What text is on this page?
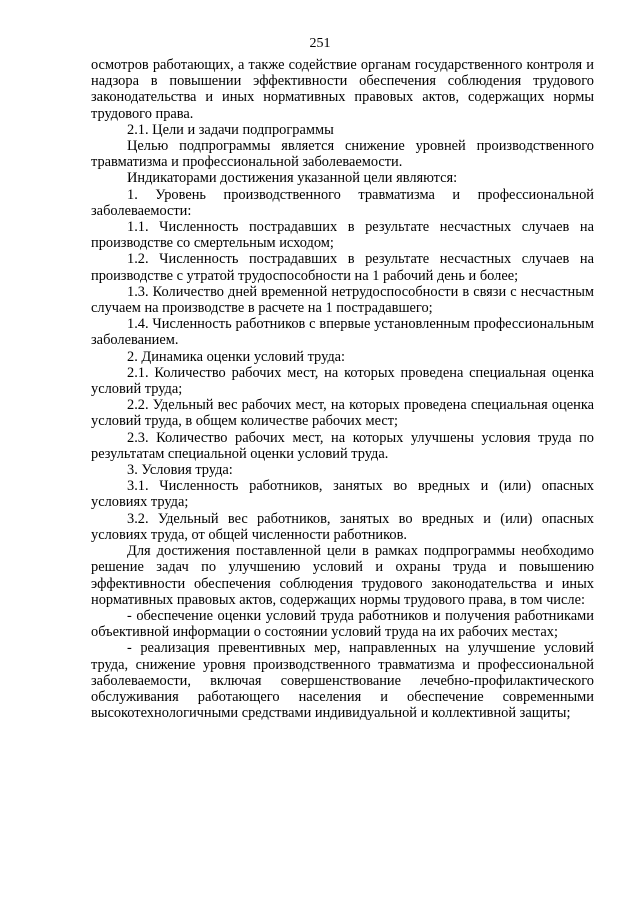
251

осмотров работающих, а также содействие органам государственного контроля и надзора в повышении эффективности обеспечения соблюдения трудового законодательства и иных нормативных правовых актов, содержащих нормы трудового права.

2.1. Цели и задачи подпрограммы

Целью подпрограммы является снижение уровней производственного травматизма и профессиональной заболеваемости.

Индикаторами достижения указанной цели являются:

1. Уровень производственного травматизма и профессиональной заболеваемости:

1.1. Численность пострадавших в результате несчастных случаев на производстве со смертельным исходом;

1.2. Численность пострадавших в результате несчастных случаев на производстве с утратой трудоспособности на 1 рабочий день и более;

1.3. Количество дней временной нетрудоспособности в связи с несчастным случаем на производстве в расчете на 1 пострадавшего;

1.4. Численность работников с впервые установленным профессиональным заболеванием.

2. Динамика оценки условий труда:

2.1. Количество рабочих мест, на которых проведена специальная оценка условий труда;

2.2. Удельный вес рабочих мест, на которых проведена специальная оценка условий труда, в общем количестве рабочих мест;

2.3. Количество рабочих мест, на которых улучшены условия труда по результатам специальной оценки условий труда.

3. Условия труда:

3.1. Численность работников, занятых во вредных и (или) опасных условиях труда;

3.2. Удельный вес работников, занятых во вредных и (или) опасных условиях труда, от общей численности работников.

Для достижения поставленной цели в рамках подпрограммы необходимо решение задач по улучшению условий и охраны труда и повышению эффективности обеспечения соблюдения трудового законодательства и иных нормативных правовых актов, содержащих нормы трудового права, в том числе:

- обеспечение оценки условий труда работников и получения работниками объективной информации о состоянии условий труда на их рабочих местах;

- реализация превентивных мер, направленных на улучшение условий труда, снижение уровня производственного травматизма и профессиональной заболеваемости, включая совершенствование лечебно-профилактического обслуживания работающего населения и обеспечение современными высокотехнологичными средствами индивидуальной и коллективной защиты;
